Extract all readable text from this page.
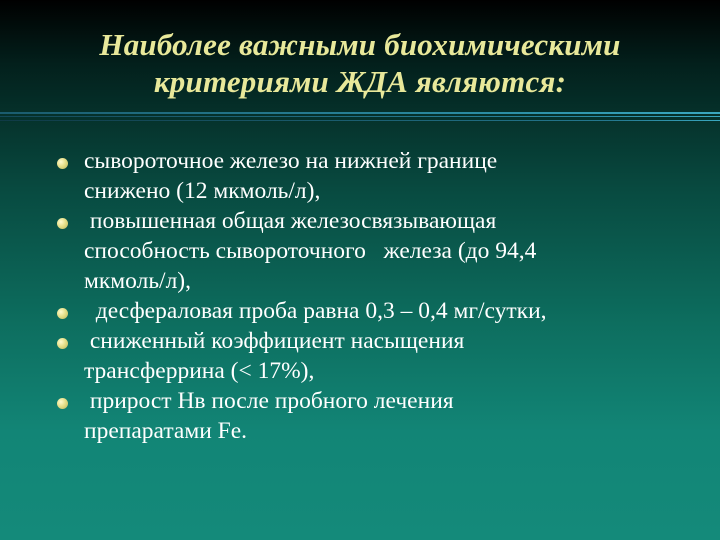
Наиболее важными биохимическими
критериями ЖДА являются:
сывороточное железо на нижней границе
снижено (12 мкмоль/л),
повышенная общая железосвязывающая
способность сывороточного   железа (до 94,4
мкмоль/л),
десфераловая проба равна 0,3 – 0,4 мг/сутки,
сниженный коэффициент насыщения
трансферрина (< 17%),
прирост Нв после пробного лечения
препаратами Fe.
